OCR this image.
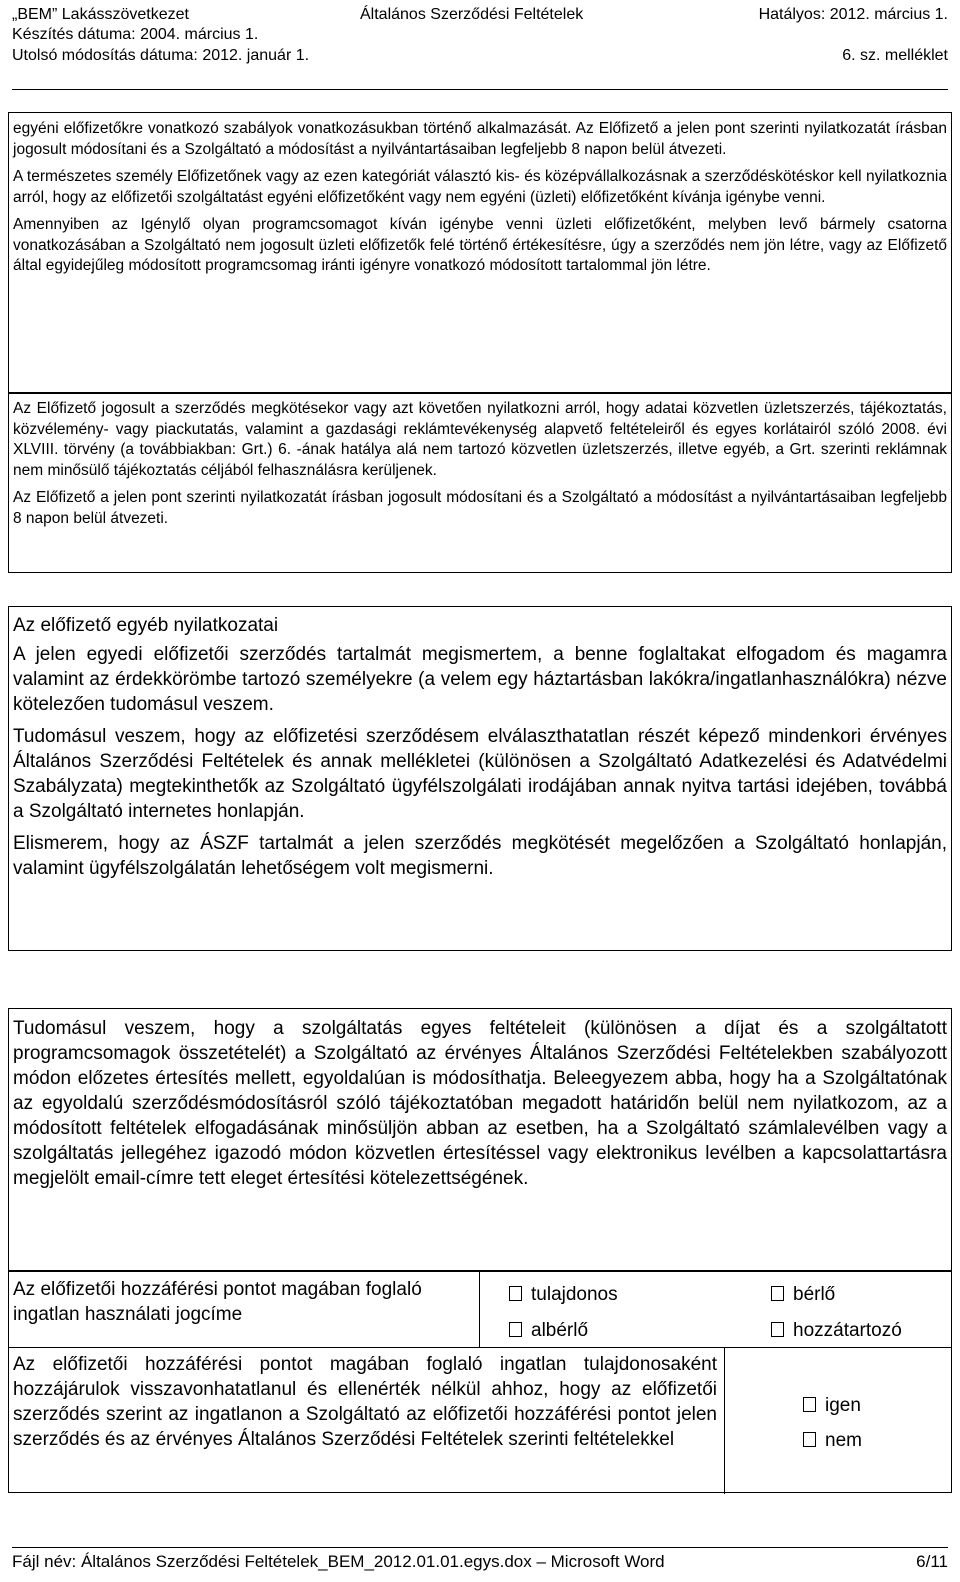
„BEM” Lakásszövetkezet	Általános Szerződési Feltételek	Hatályos: 2012. március 1.
Készítés dátuma: 2004. március 1.
Utolsó módosítás dátuma: 2012. január 1.	6. sz. melléklet

egyéni előfizetőkre vonatkozó szabályok vonatkozásukban történő alkalmazását. Az Előfizető a jelen pont szerinti nyilatkozatát írásban jogosult módosítani és a Szolgáltató a módosítást a nyilvántartásaiban legfeljebb 8 napon belül átvezeti.

A természetes személy Előfizetőnek vagy az ezen kategóriát választó kis- és középvállalkozásnak a szerződéskötéskor kell nyilatkoznia arról, hogy az előfizetői szolgáltatást egyéni előfizetőként vagy nem egyéni (üzleti) előfizetőként kívánja igénybe venni.

Amennyiben az Igénylő olyan programcsomagot kíván igénybe venni üzleti előfizetőként, melyben levő bármely csatorna vonatkozásában a Szolgáltató nem jogosult üzleti előfizetők felé történő értékesítésre, úgy a szerződés nem jön létre, vagy az Előfizető által egyidejűleg módosított programcsomag iránti igényre vonatkozó módosított tartalommal jön létre.

Az Előfizető jogosult a szerződés megkötésekor vagy azt követően nyilatkozni arról, hogy adatai közvetlen üzletszerzés, tájékoztatás, közvélemény- vagy piackutatás, valamint a gazdasági reklámtevékenység alapvető feltételeiről és egyes korlátairól szóló 2008. évi XLVIII. törvény (a továbbiakban: Grt.) 6. -ának hatálya alá nem tartozó közvetlen üzletszerzés, illetve egyéb, a Grt. szerinti reklámnak nem minősülő tájékoztatás céljából felhasználásra kerüljenek.

Az Előfizető a jelen pont szerinti nyilatkozatát írásban jogosult módosítani és a Szolgáltató a módosítást a nyilvántartásaiban legfeljebb 8 napon belül átvezeti.

Az előfizető egyéb nyilatkozatai

A jelen egyedi előfizetői szerződés tartalmát megismertem, a benne foglaltakat elfogadom és magamra valamint az érdekkörömbe tartozó személyekre (a velem egy háztartásban lakókra/ingatlanhasználókra) nézve kötelezően tudomásul veszem.

Tudomásul veszem, hogy az előfizetési szerződésem elválaszthatatlan részét képező mindenkori érvényes Általános Szerződési Feltételek és annak mellékletei (különösen a Szolgáltató Adatkezelési és Adatvédelmi Szabályzata) megtekinthetők az Szolgáltató ügyfélszolgálati irodájában annak nyitva tartási idejében, továbbá a Szolgáltató internetes honlapján.

Elismerem, hogy az ÁSZF tartalmát a jelen szerződés megkötését megelőzően a Szolgáltató honlapján, valamint ügyfélszolgálatán lehetőségem volt megismerni.

Tudomásul veszem, hogy a szolgáltatás egyes feltételeit (különösen a díjat és a szolgáltatott programcsomagok összetételét) a Szolgáltató az érvényes Általános Szerződési Feltételekben szabályozott módon előzetes értesítés mellett, egyoldalúan is módosíthatja. Beleegyezem abba, hogy ha a Szolgáltatónak az egyoldalú szerződésmódosításról szóló tájékoztatóban megadott határidőn belül nem nyilatkozom, az a módosított feltételek elfogadásának minősüljön abban az esetben, ha a Szolgáltató számlalevélben vagy a szolgáltatás jellegéhez igazodó módon közvetlen értesítéssel vagy elektronikus levélben a kapcsolattartásra megjelölt email-címre tett eleget értesítési kötelezettségének.

Az előfizetői hozzáférési pontot magában foglaló ingatlan használati jogcíme
tulajdonos	bérlő
albérlő	hozzátartozó
Az előfizetői hozzáférési pontot magában foglaló ingatlan tulajdonosaként hozzájárulok visszavonhatatlanul és ellenérték nélkül ahhoz, hogy az előfizetői szerződés szerint az ingatlanon a Szolgáltató az előfizetői hozzáférési pontot jelen szerződés és az érvényes Általános Szerződési Feltételek szerinti feltételekkel
igen
nem
Fájl név: Általános Szerződési Feltételek_BEM_2012.01.01.egys.dox – Microsoft Word	6/11
